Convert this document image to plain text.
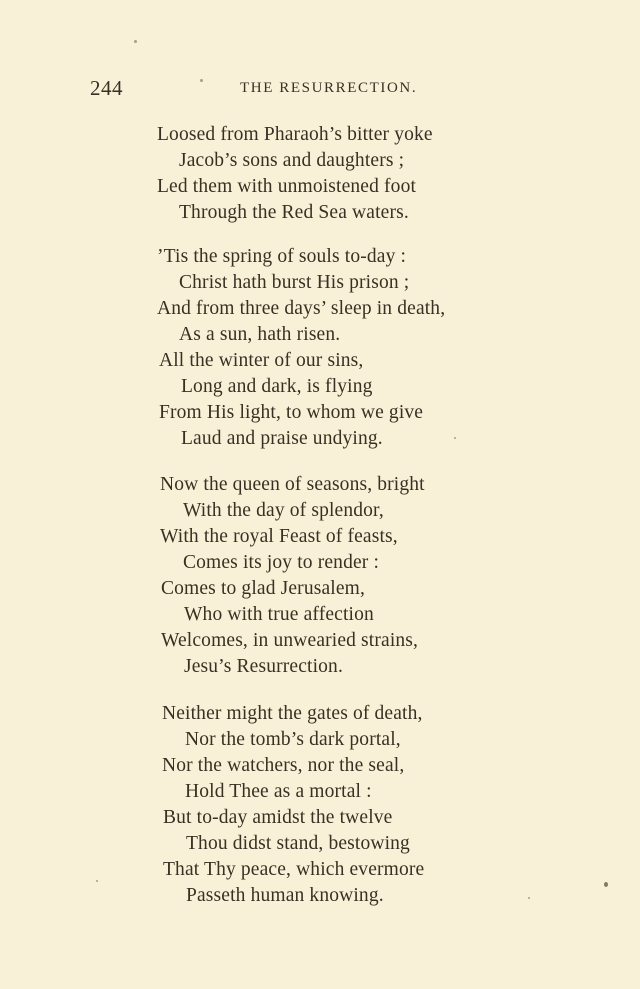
244	THE RESURRECTION.
Loosed from Pharaoh’s bitter yoke
Jacob’s sons and daughters ;
Led them with unmoistened foot
Through the Red Sea waters.
’Tis the spring of souls to-day :
Christ hath burst His prison ;
And from three days’ sleep in death,
As a sun, hath risen.
All the winter of our sins,
Long and dark, is flying
From His light, to whom we give
Laud and praise undying.
Now the queen of seasons, bright
With the day of splendor,
With the royal Feast of feasts,
Comes its joy to render :
Comes to glad Jerusalem,
Who with true affection
Welcomes, in unwearied strains,
Jesu’s Resurrection.
Neither might the gates of death,
Nor the tomb’s dark portal,
Nor the watchers, nor the seal,
Hold Thee as a mortal :
But to-day amidst the twelve
Thou didst stand, bestowing
That Thy peace, which evermore
Passeth human knowing.
